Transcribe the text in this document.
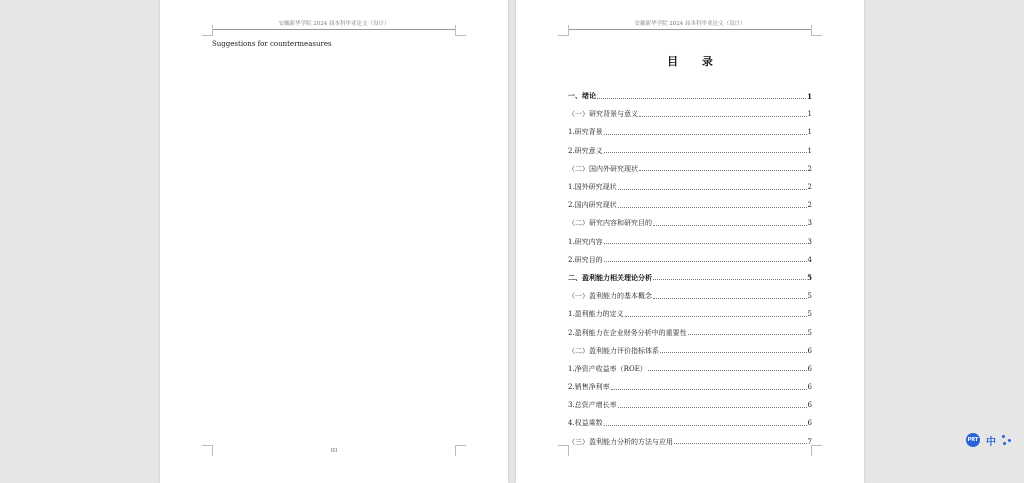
安徽新华学院 2024 届本科毕业论文（设计）
Suggestions for countermeasures
III
安徽新华学院 2024 届本科毕业论文（设计）
目 录
一、绪论	1
（一）研究背景与意义	1
1.研究背景	1
2.研究意义	1
（二）国内外研究现状	2
1.国外研究现状	2
2.国内研究现状	2
（二）研究内容和研究目的	3
1.研究内容	3
2.研究目的	4
二、盈利能力相关理论分析	5
（一）盈利能力的基本概念	5
1.盈利能力的定义	5
2.盈利能力在企业财务分析中的重要性	5
（二）盈利能力评价指标体系	6
1.净资产收益率（ROE）	6
2.销售净利率	6
3.总资产增长率	6
4.权益乘数	6
（三）盈利能力分析的方法与应用	7	PRT 中
